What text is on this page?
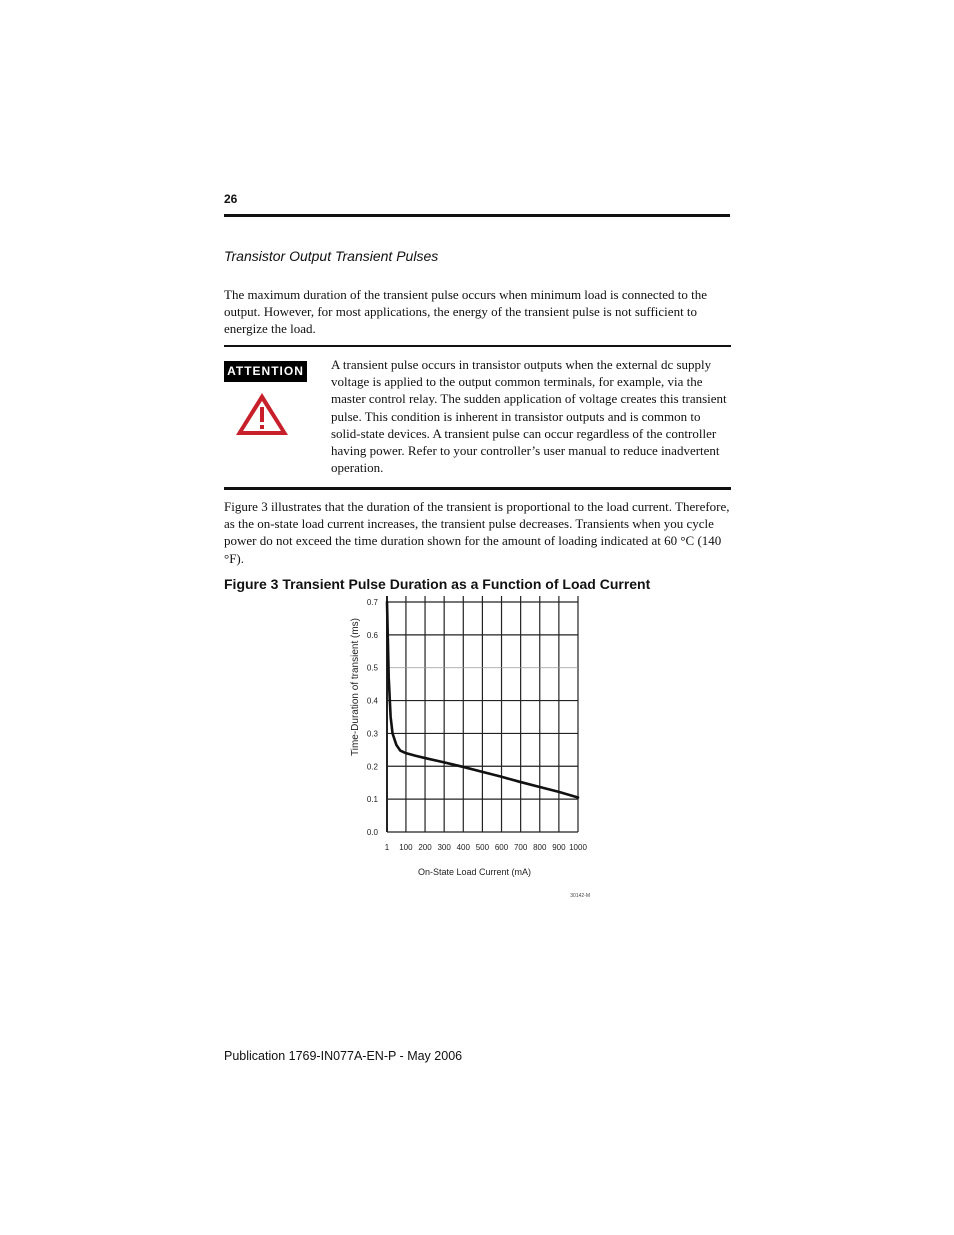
26
Transistor Output Transient Pulses
The maximum duration of the transient pulse occurs when minimum load is connected to the output. However, for most applications, the energy of the transient pulse is not sufficient to energize the load.
ATTENTION A transient pulse occurs in transistor outputs when the external dc supply voltage is applied to the output common terminals, for example, via the master control relay. The sudden application of voltage creates this transient pulse. This condition is inherent in transistor outputs and is common to solid-state devices. A transient pulse can occur regardless of the controller having power. Refer to your controller’s user manual to reduce inadvertent operation.
Figure 3 illustrates that the duration of the transient is proportional to the load current. Therefore, as the on-state load current increases, the transient pulse decreases. Transients when you cycle power do not exceed the time duration shown for the amount of loading indicated at 60 °C (140 °F).
Figure 3 Transient Pulse Duration as a Function of Load Current
1 100 200 300 400 500 600 700 800 900 1000
0.0
0.1
0.2
0.3
0.4
0.5
0.6
0.7
On-State Load Current (mA)
Time-Duration of transient (ms)
30142-M
Publication 1769-IN077A-EN-P - May 2006
